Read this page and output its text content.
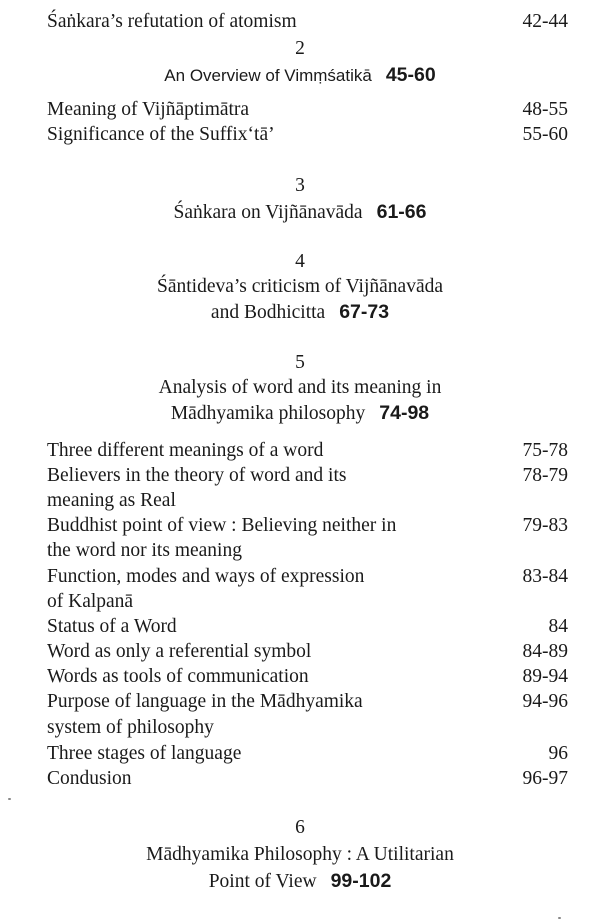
Śaṅkara’s refutation of atomism	42-44
2
An Overview of Vimṃśatikā 45-60
Meaning of Vijñāptimātra	48-55
Significance of the Suffix‘tā’	55-60
3
Śaṅkara on Vijñānavāda 61-66
4
Śāntideva’s criticism of Vijñānavāda
and Bodhicitta 67-73
5
Analysis of word and its meaning in
Mādhyamika philosophy 74-98
Three different meanings of a word	75-78
Believers in the theory of word and its	78-79
meaning as Real
Buddhist point of view : Believing neither in	79-83
the word nor its meaning
Function, modes and ways of expression	83-84
of Kalpanā
Status of a Word	84
Word as only a referential symbol	84-89
Words as tools of communication	89-94
Purpose of language in the Mādhyamika	94-96
system of philosophy
Three stages of language	96
Condusion	96-97
6
Mādhyamika Philosophy : A Utilitarian
Point of View 99-102
